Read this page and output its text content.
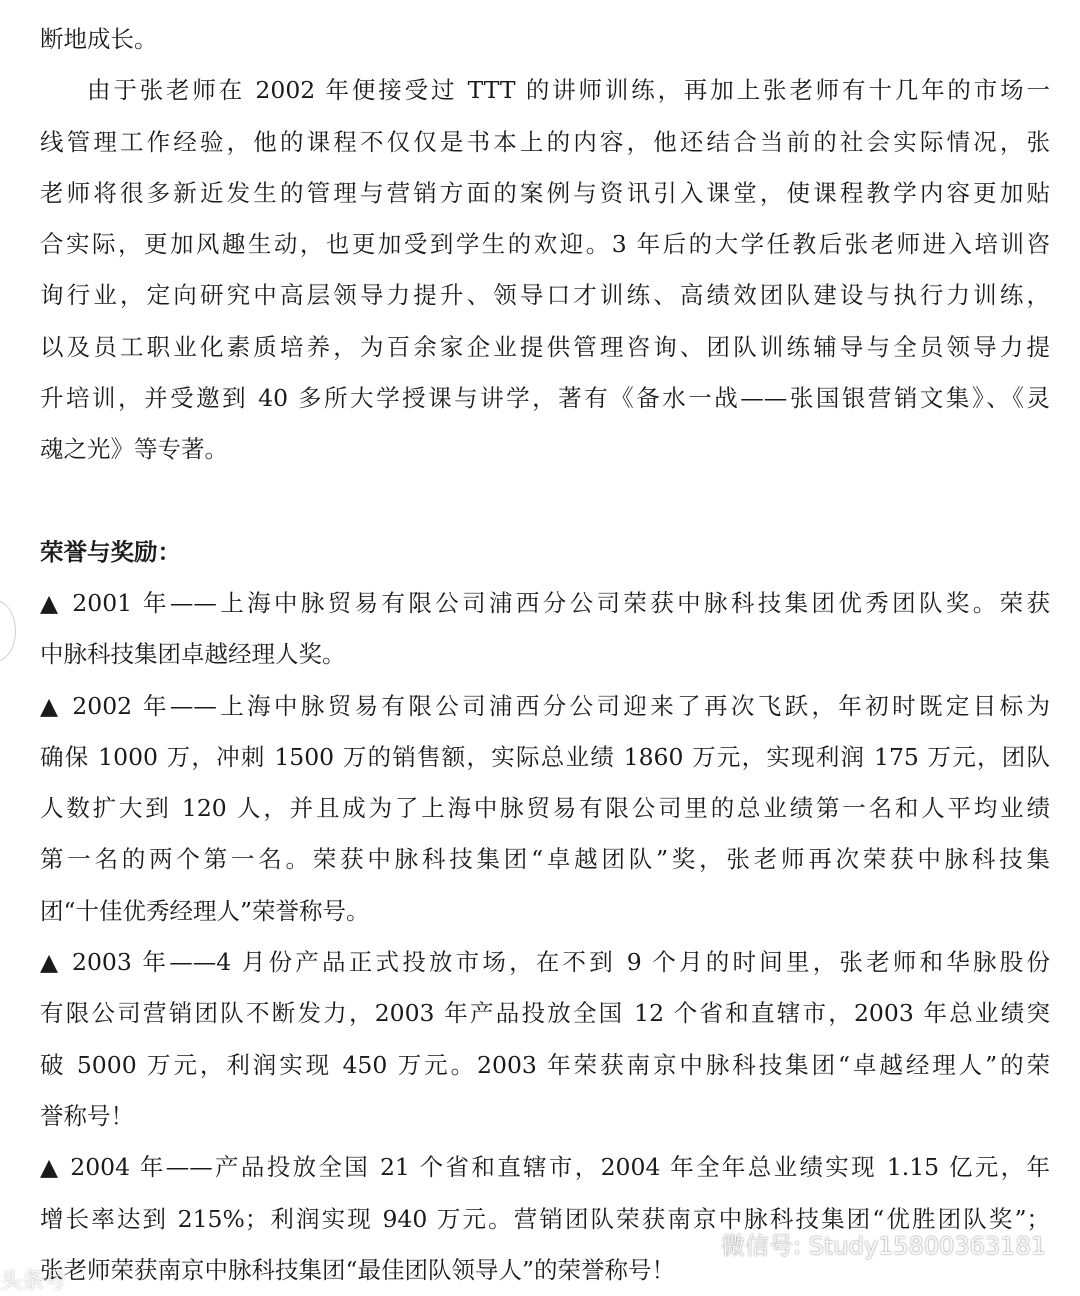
断地成长。
由于张老师在 2002 年便接受过 TTT 的讲师训练，再加上张老师有十几年的市场一
线管理工作经验，他的课程不仅仅是书本上的内容，他还结合当前的社会实际情况，张
老师将很多新近发生的管理与营销方面的案例与资讯引入课堂，使课程教学内容更加贴
合实际，更加风趣生动，也更加受到学生的欢迎。3 年后的大学任教后张老师进入培训咨
询行业，定向研究中高层领导力提升、领导口才训练、高绩效团队建设与执行力训练，
以及员工职业化素质培养，为百余家企业提供管理咨询、团队训练辅导与全员领导力提
升培训，并受邀到 40 多所大学授课与讲学，著有《备水一战——张国银营销文集》、《灵
魂之光》等专著。
荣誉与奖励：
▲ 2001 年——上海中脉贸易有限公司浦西分公司荣获中脉科技集团优秀团队奖。荣获
中脉科技集团卓越经理人奖。
▲ 2002 年——上海中脉贸易有限公司浦西分公司迎来了再次飞跃，年初时既定目标为
确保 1000 万，冲刺 1500 万的销售额，实际总业绩 1860 万元，实现利润 175 万元，团队
人数扩大到 120 人，并且成为了上海中脉贸易有限公司里的总业绩第一名和人平均业绩
第一名的两个第一名。荣获中脉科技集团“卓越团队”奖，张老师再次荣获中脉科技集
团“十佳优秀经理人”荣誉称号。
▲ 2003 年——4 月份产品正式投放市场，在不到 9 个月的时间里，张老师和华脉股份
有限公司营销团队不断发力，2003 年产品投放全国 12 个省和直辖市，2003 年总业绩突
破 5000 万元，利润实现 450 万元。2003 年荣获南京中脉科技集团“卓越经理人”的荣
誉称号！
▲ 2004 年——产品投放全国 21 个省和直辖市，2004 年全年总业绩实现 1.15 亿元，年
增长率达到 215%；利润实现 940 万元。营销团队荣获南京中脉科技集团“优胜团队奖”；
张老师荣获南京中脉科技集团“最佳团队领导人”的荣誉称号！
微信号: Study15800363181
头条号
